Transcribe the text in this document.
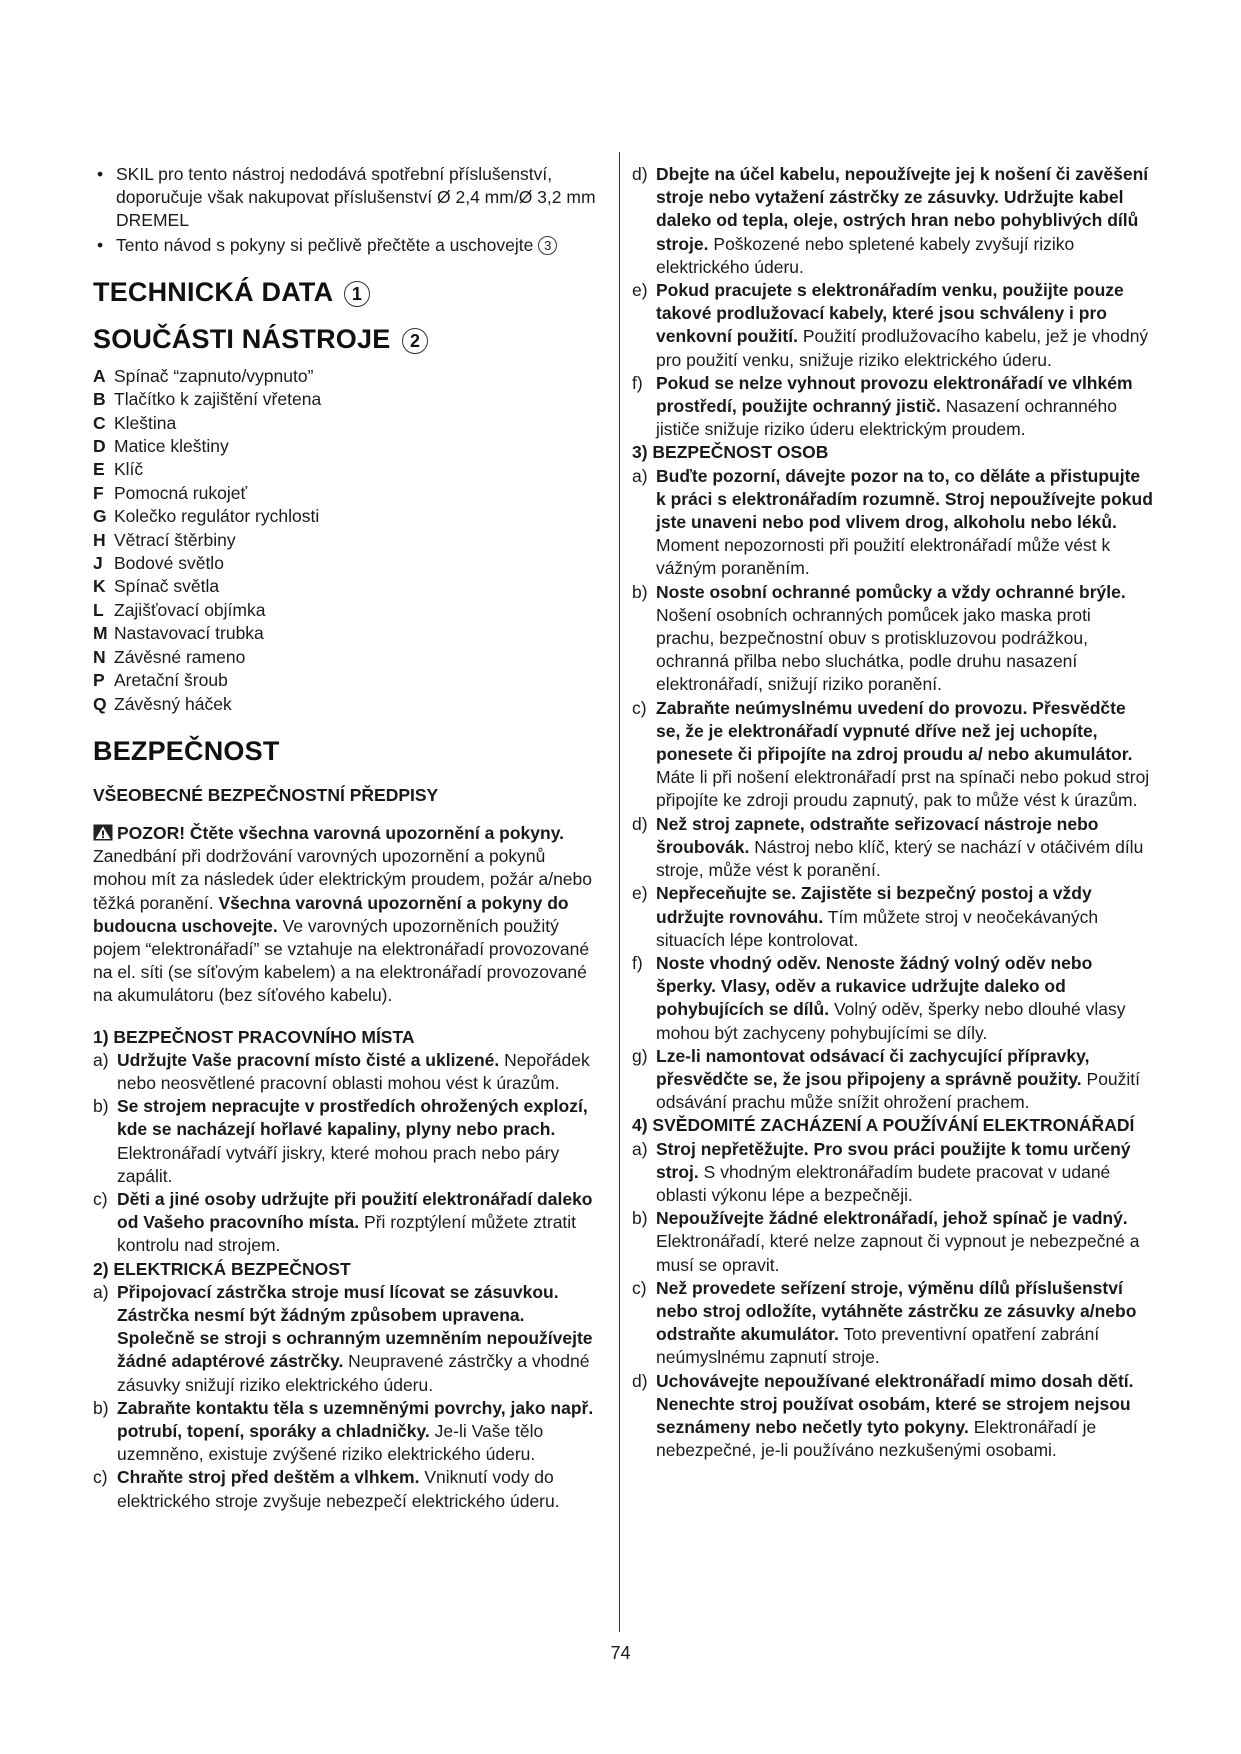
• SKIL pro tento nástroj nedodává spotřební příslušenství, doporučuje však nakupovat příslušenství Ø 2,4 mm/Ø 3,2 mm DREMEL
• Tento návod s pokyny si pečlivě přečtěte a uschovejte 3
TECHNICKÁ DATA 1
SOUČÁSTI NÁSTROJE 2
A Spínač “zapnuto/vypnuto”
B Tlačítko k zajištění vřetena
C Kleština
D Matice kleštiny
E Klíč
F Pomocná rukojeť
G Kolečko regulátor rychlosti
H Větrací štěrbiny
J Bodové světlo
K Spínač světla
L Zajišťovací objímka
M Nastavovací trubka
N Závěsné rameno
P Aretační šroub
Q Závěsný háček
BEZPEČNOST
VŠEOBECNÉ BEZPEČNOSTNÍ PŘEDPISY

POZOR! Čtěte všechna varovná upozornění a pokyny. Zanedbání při dodržování varovných upozornění a pokynů mohou mít za následek úder elektrickým proudem, požár a/nebo těžká poranění. Všechna varovná upozornění a pokyny do budoucna uschovejte. Ve varovných upozorněních použitý pojem “elektronářadí” se vztahuje na elektronářadí provozované na el. síti (se síťovým kabelem) a na elektronářadí provozované na akumulátoru (bez síťového kabelu).

1) BEZPEČNOST PRACOVNÍHO MÍSTA
a) Udržujte Vaše pracovní místo čisté a uklizené. Nepořádek nebo neosvětlené pracovní oblasti mohou vést k úrazům.
b) Se strojem nepracujte v prostředích ohrožených explozí, kde se nacházejí hořlavé kapaliny, plyny nebo prach. Elektronářadí vytváří jiskry, které mohou prach nebo páry zapálit.
c) Děti a jiné osoby udržujte při použití elektronářadí daleko od Vašeho pracovního místa. Při rozptýlení můžete ztratit kontrolu nad strojem.
2) ELEKTRICKÁ BEZPEČNOST
a) Připojovací zástrčka stroje musí lícovat se zásuvkou. Zástrčka nesmí být žádným způsobem upravena. Společně se stroji s ochranným uzemněním nepoužívejte žádné adaptérové zástrčky. Neupravené zástrčky a vhodné zásuvky snižují riziko elektrického úderu.
b) Zabraňte kontaktu těla s uzemněnými povrchy, jako např. potrubí, topení, sporáky a chladničky. Je-li Vaše tělo uzemněno, existuje zvýšené riziko elektrického úderu.
c) Chraňte stroj před deštěm a vlhkem. Vniknutí vody do elektrického stroje zvyšuje nebezpečí elektrického úderu.
d) Dbejte na účel kabelu, nepoužívejte jej k nošení či zavěšení stroje nebo vytažení zástrčky ze zásuvky. Udržujte kabel daleko od tepla, oleje, ostrých hran nebo pohyblivých dílů stroje. Poškozené nebo spletené kabely zvyšují riziko elektrického úderu.
e) Pokud pracujete s elektronářadím venku, použijte pouze takové prodlužovací kabely, které jsou schváleny i pro venkovní použití. Použití prodlužovacího kabelu, jež je vhodný pro použití venku, snižuje riziko elektrického úderu.
f) Pokud se nelze vyhnout provozu elektronářadí ve vlhkém prostředí, použijte ochranný jistič. Nasazení ochranného jističe snižuje riziko úderu elektrickým proudem.
3) BEZPEČNOST OSOB
a) Buďte pozorní, dávejte pozor na to, co děláte a přistupujte k práci s elektronářadím rozumně. Stroj nepoužívejte pokud jste unaveni nebo pod vlivem drog, alkoholu nebo léků. Moment nepozornosti při použití elektronářadí může vést k vážným poraněním.
b) Noste osobní ochranné pomůcky a vždy ochranné brýle. Nošení osobních ochranných pomůcek jako maska proti prachu, bezpečnostní obuv s protiskluzovou podrážkou, ochranná přilba nebo sluchátka, podle druhu nasazení elektronářadí, snižují riziko poranění.
c) Zabraňte neúmyslnému uvedení do provozu. Přesvědčte se, že je elektronářadí vypnuté dříve než jej uchopíte, ponesete či připojíte na zdroj proudu a/ nebo akumulátor. Máte li při nošení elektronářadí prst na spínači nebo pokud stroj připojíte ke zdroji proudu zapnutý, pak to může vést k úrazům.
d) Než stroj zapnete, odstraňte seřizovací nástroje nebo šroubovák. Nástroj nebo klíč, který se nachází v otáčivém dílu stroje, může vést k poranění.
e) Nepřeceňujte se. Zajistěte si bezpečný postoj a vždy udržujte rovnováhu. Tím můžete stroj v neočekávaných situacích lépe kontrolovat.
f) Noste vhodný oděv. Nenoste žádný volný oděv nebo šperky. Vlasy, oděv a rukavice udržujte daleko od pohybujících se dílů. Volný oděv, šperky nebo dlouhé vlasy mohou být zachyceny pohybujícími se díly.
g) Lze-li namontovat odsávací či zachycující přípravky, přesvědčte se, že jsou připojeny a správně použity. Použití odsávání prachu může snížit ohrožení prachem.
4) SVĚDOMITÉ ZACHÁZENÍ A POUŽÍVÁNÍ ELEKTRONÁŘADÍ
a) Stroj nepřetěžujte. Pro svou práci použijte k tomu určený stroj. S vhodným elektronářadím budete pracovat v udané oblasti výkonu lépe a bezpečněji.
b) Nepoužívejte žádné elektronářadí, jehož spínač je vadný. Elektronářadí, které nelze zapnout či vypnout je nebezpečné a musí se opravit.
c) Než provedete seřízení stroje, výměnu dílů příslušenství nebo stroj odložíte, vytáhněte zástrčku ze zásuvky a/nebo odstraňte akumulátor. Toto preventivní opatření zabrání neúmyslnému zapnutí stroje.
d) Uchovávejte nepoužívané elektronářadí mimo dosah dětí. Nenechte stroj používat osobám, které se strojem nejsou seznámeny nebo nečetly tyto pokyny. Elektronářadí je nebezpečné, je-li používáno nezkušenými osobami.
74
